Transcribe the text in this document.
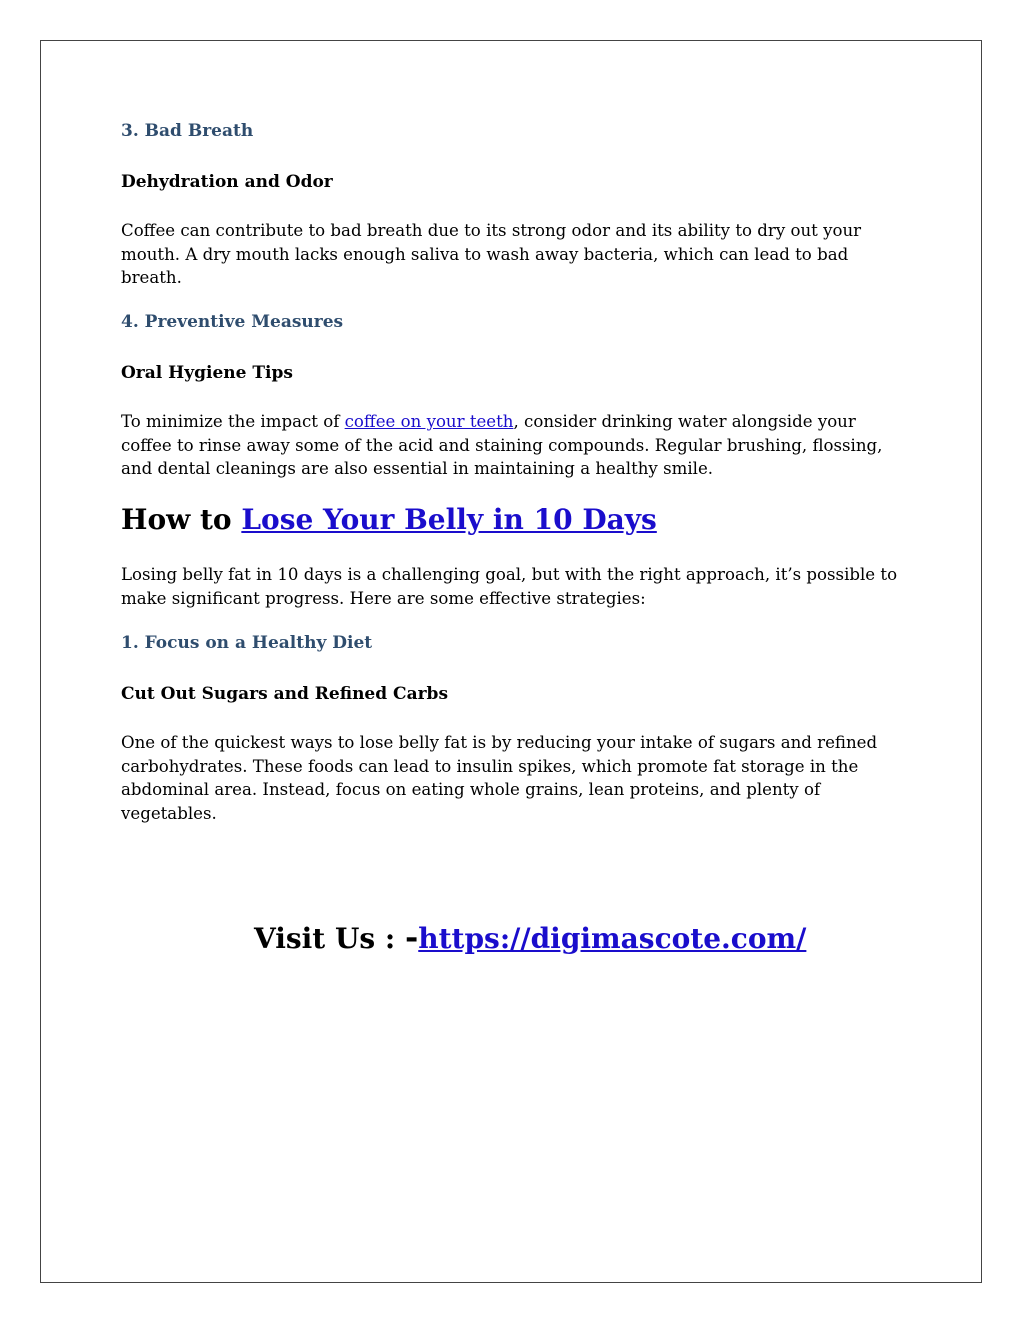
3. Bad Breath
Dehydration and Odor

Coffee can contribute to bad breath due to its strong odor and its ability to dry out your
mouth. A dry mouth lacks enough saliva to wash away bacteria, which can lead to bad
breath.

4. Preventive Measures
Oral Hygiene Tips

To minimize the impact of coffee on your teeth, consider drinking water alongside your
coffee to rinse away some of the acid and staining compounds. Regular brushing, flossing,
and dental cleanings are also essential in maintaining a healthy smile.

How to Lose Your Belly in 10 Days

Losing belly fat in 10 days is a challenging goal, but with the right approach, it’s possible to
make significant progress. Here are some effective strategies:

1. Focus on a Healthy Diet
Cut Out Sugars and Refined Carbs

One of the quickest ways to lose belly fat is by reducing your intake of sugars and refined
carbohydrates. These foods can lead to insulin spikes, which promote fat storage in the
abdominal area. Instead, focus on eating whole grains, lean proteins, and plenty of
vegetables.

Visit Us : -https://digimascote.com/
